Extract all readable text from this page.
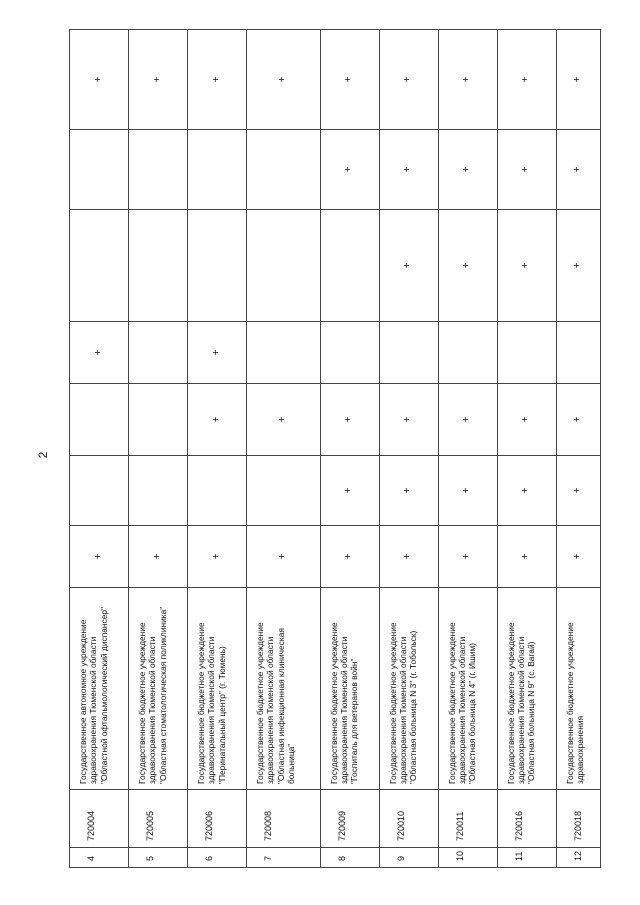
2
4	720004	Государственное автономное учреждение здравоохранения Тюменской области "Областной офтальмологический диспансер"	+			+			+
5	720005	Государственное бюджетное учреждение здравоохранения Тюменской области "Областная стоматологическая поликлиника"	+						+
6	720006	Государственное бюджетное учреждение здравоохранения Тюменской области "Перинатальный центр" (г. Тюмень)	+		+	+			+
7	720008	Государственное бюджетное учреждение здравоохранения Тюменской области "Областная инфекционная клиническая больница"	+		+				+
8	720009	Государственное бюджетное учреждение здравоохранения Тюменской области "Госпиталь для ветеранов войн"	+	+	+			+	+
9	720010	Государственное бюджетное учреждение здравоохранения Тюменской области "Областная больница N 3" (г. Тобольск)	+	+	+		+	+	+
10	720011	Государственное бюджетное учреждение здравоохранения Тюменской области "Областная больница N 4" (г. Ишим)	+	+	+		+	+	+
11	720016	Государственное бюджетное учреждение здравоохранения Тюменской области "Областная больница N 9" (с. Вагай)	+	+	+		+	+	+
12	720018	Государственное бюджетное учреждение здравоохранения	+	+	+		+	+	+
